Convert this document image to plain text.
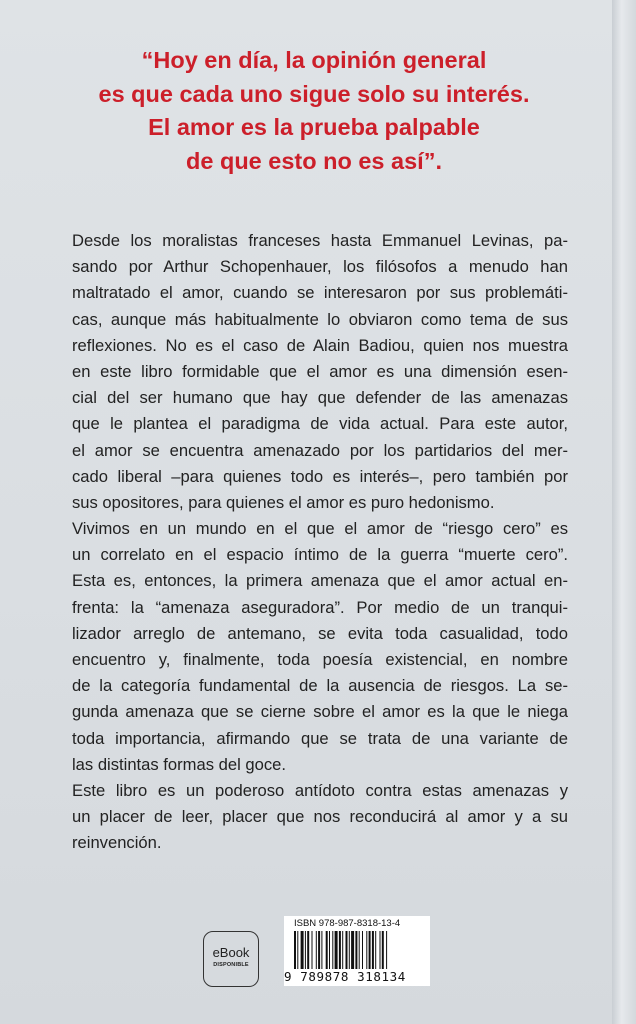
“Hoy en día, la opinión general
es que cada uno sigue solo su interés.
El amor es la prueba palpable
de que esto no es así”.
Desde los moralistas franceses hasta Emmanuel Levinas, pa-
sando por Arthur Schopenhauer, los filósofos a menudo han
maltratado el amor, cuando se interesaron por sus problemáti-
cas, aunque más habitualmente lo obviaron como tema de sus
reflexiones. No es el caso de Alain Badiou, quien nos muestra
en este libro formidable que el amor es una dimensión esen-
cial del ser humano que hay que defender de las amenazas
que le plantea el paradigma de vida actual. Para este autor,
el amor se encuentra amenazado por los partidarios del mer-
cado liberal –para quienes todo es interés–, pero también por
sus opositores, para quienes el amor es puro hedonismo.
Vivimos en un mundo en el que el amor de “riesgo cero” es
un correlato en el espacio íntimo de la guerra “muerte cero”.
Esta es, entonces, la primera amenaza que el amor actual en-
frenta: la “amenaza aseguradora”. Por medio de un tranqui-
lizador arreglo de antemano, se evita toda casualidad, todo
encuentro y, finalmente, toda poesía existencial, en nombre
de la categoría fundamental de la ausencia de riesgos. La se-
gunda amenaza que se cierne sobre el amor es la que le niega
toda importancia, afirmando que se trata de una variante de
las distintas formas del goce.
Este libro es un poderoso antídoto contra estas amenazas y
un placer de leer, placer que nos reconducirá al amor y a su
reinvención.
eBook
DISPONIBLE
ISBN 978-987-8318-13-4
9 789878 318134
